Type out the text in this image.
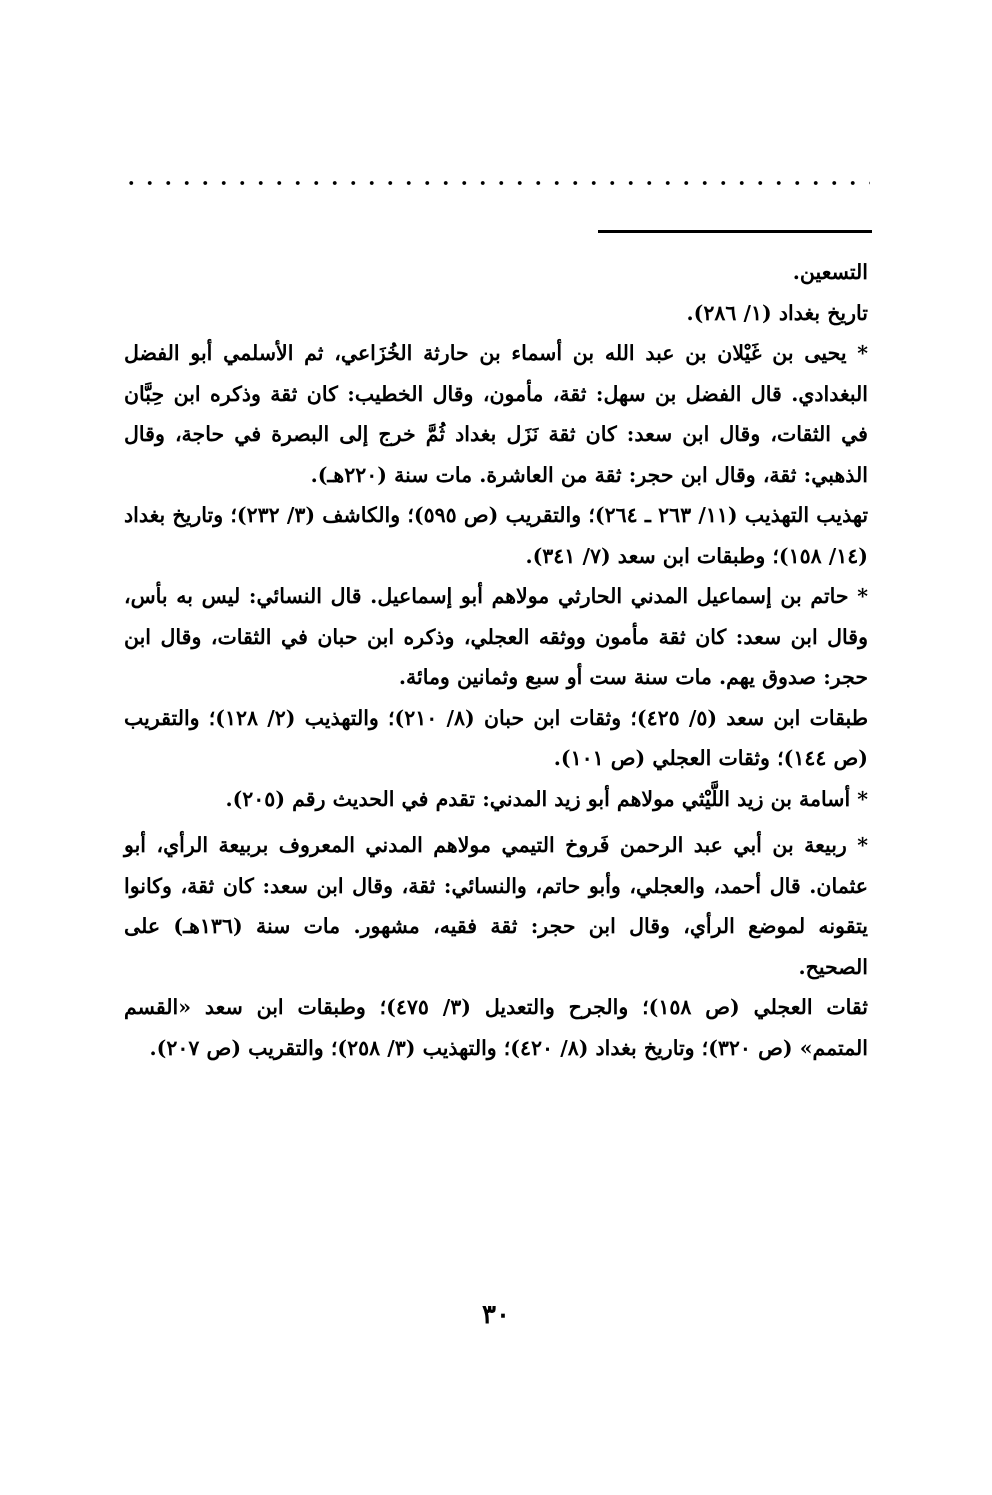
التسعين.

تاريخ بغداد (١/ ٢٨٦).

* يحيى بن غَيْلان بن عبد الله بن أسماء بن حارثة الخُزَاعي، ثم الأسلمي أبو الفضل البغدادي. قال الفضل بن سهل: ثقة، مأمون، وقال الخطيب: كان ثقة وذكره ابن حِبَّان في الثقات، وقال ابن سعد: كان ثقة نَزَل بغداد ثُمَّ خرج إلى البصرة في حاجة، وقال الذهبي: ثقة، وقال ابن حجر: ثقة من العاشرة. مات سنة (٢٢٠هـ).

تهذيب التهذيب (١١/ ٢٦٣ ـ ٢٦٤)؛ والتقريب (ص ٥٩٥)؛ والكاشف (٣/ ٢٣٢)؛ وتاريخ بغداد (١٤/ ١٥٨)؛ وطبقات ابن سعد (٧/ ٣٤١).

* حاتم بن إسماعيل المدني الحارثي مولاهم أبو إسماعيل. قال النسائي: ليس به بأس، وقال ابن سعد: كان ثقة مأمون ووثقه العجلي، وذكره ابن حبان في الثقات، وقال ابن حجر: صدوق يهم. مات سنة ست أو سبع وثمانين ومائة.

طبقات ابن سعد (٥/ ٤٢٥)؛ وثقات ابن حبان (٨/ ٢١٠)؛ والتهذيب (٢/ ١٢٨)؛ والتقريب (ص ١٤٤)؛ وثقات العجلي (ص ١٠١).

* أسامة بن زيد اللَّيْثي مولاهم أبو زيد المدني: تقدم في الحديث رقم (٢٠٥).

* ربيعة بن أبي عبد الرحمن فَروخ التيمي مولاهم المدني المعروف بربيعة الرأي، أبو عثمان. قال أحمد، والعجلي، وأبو حاتم، والنسائي: ثقة، وقال ابن سعد: كان ثقة، وكانوا يتقونه لموضع الرأي، وقال ابن حجر: ثقة فقيه، مشهور. مات سنة (١٣٦هـ) على الصحيح.

ثقات العجلي (ص ١٥٨)؛ والجرح والتعديل (٣/ ٤٧٥)؛ وطبقات ابن سعد «القسم المتمم» (ص ٣٢٠)؛ وتاريخ بغداد (٨/ ٤٢٠)؛ والتهذيب (٣/ ٢٥٨)؛ والتقريب (ص ٢٠٧).

٣٠
